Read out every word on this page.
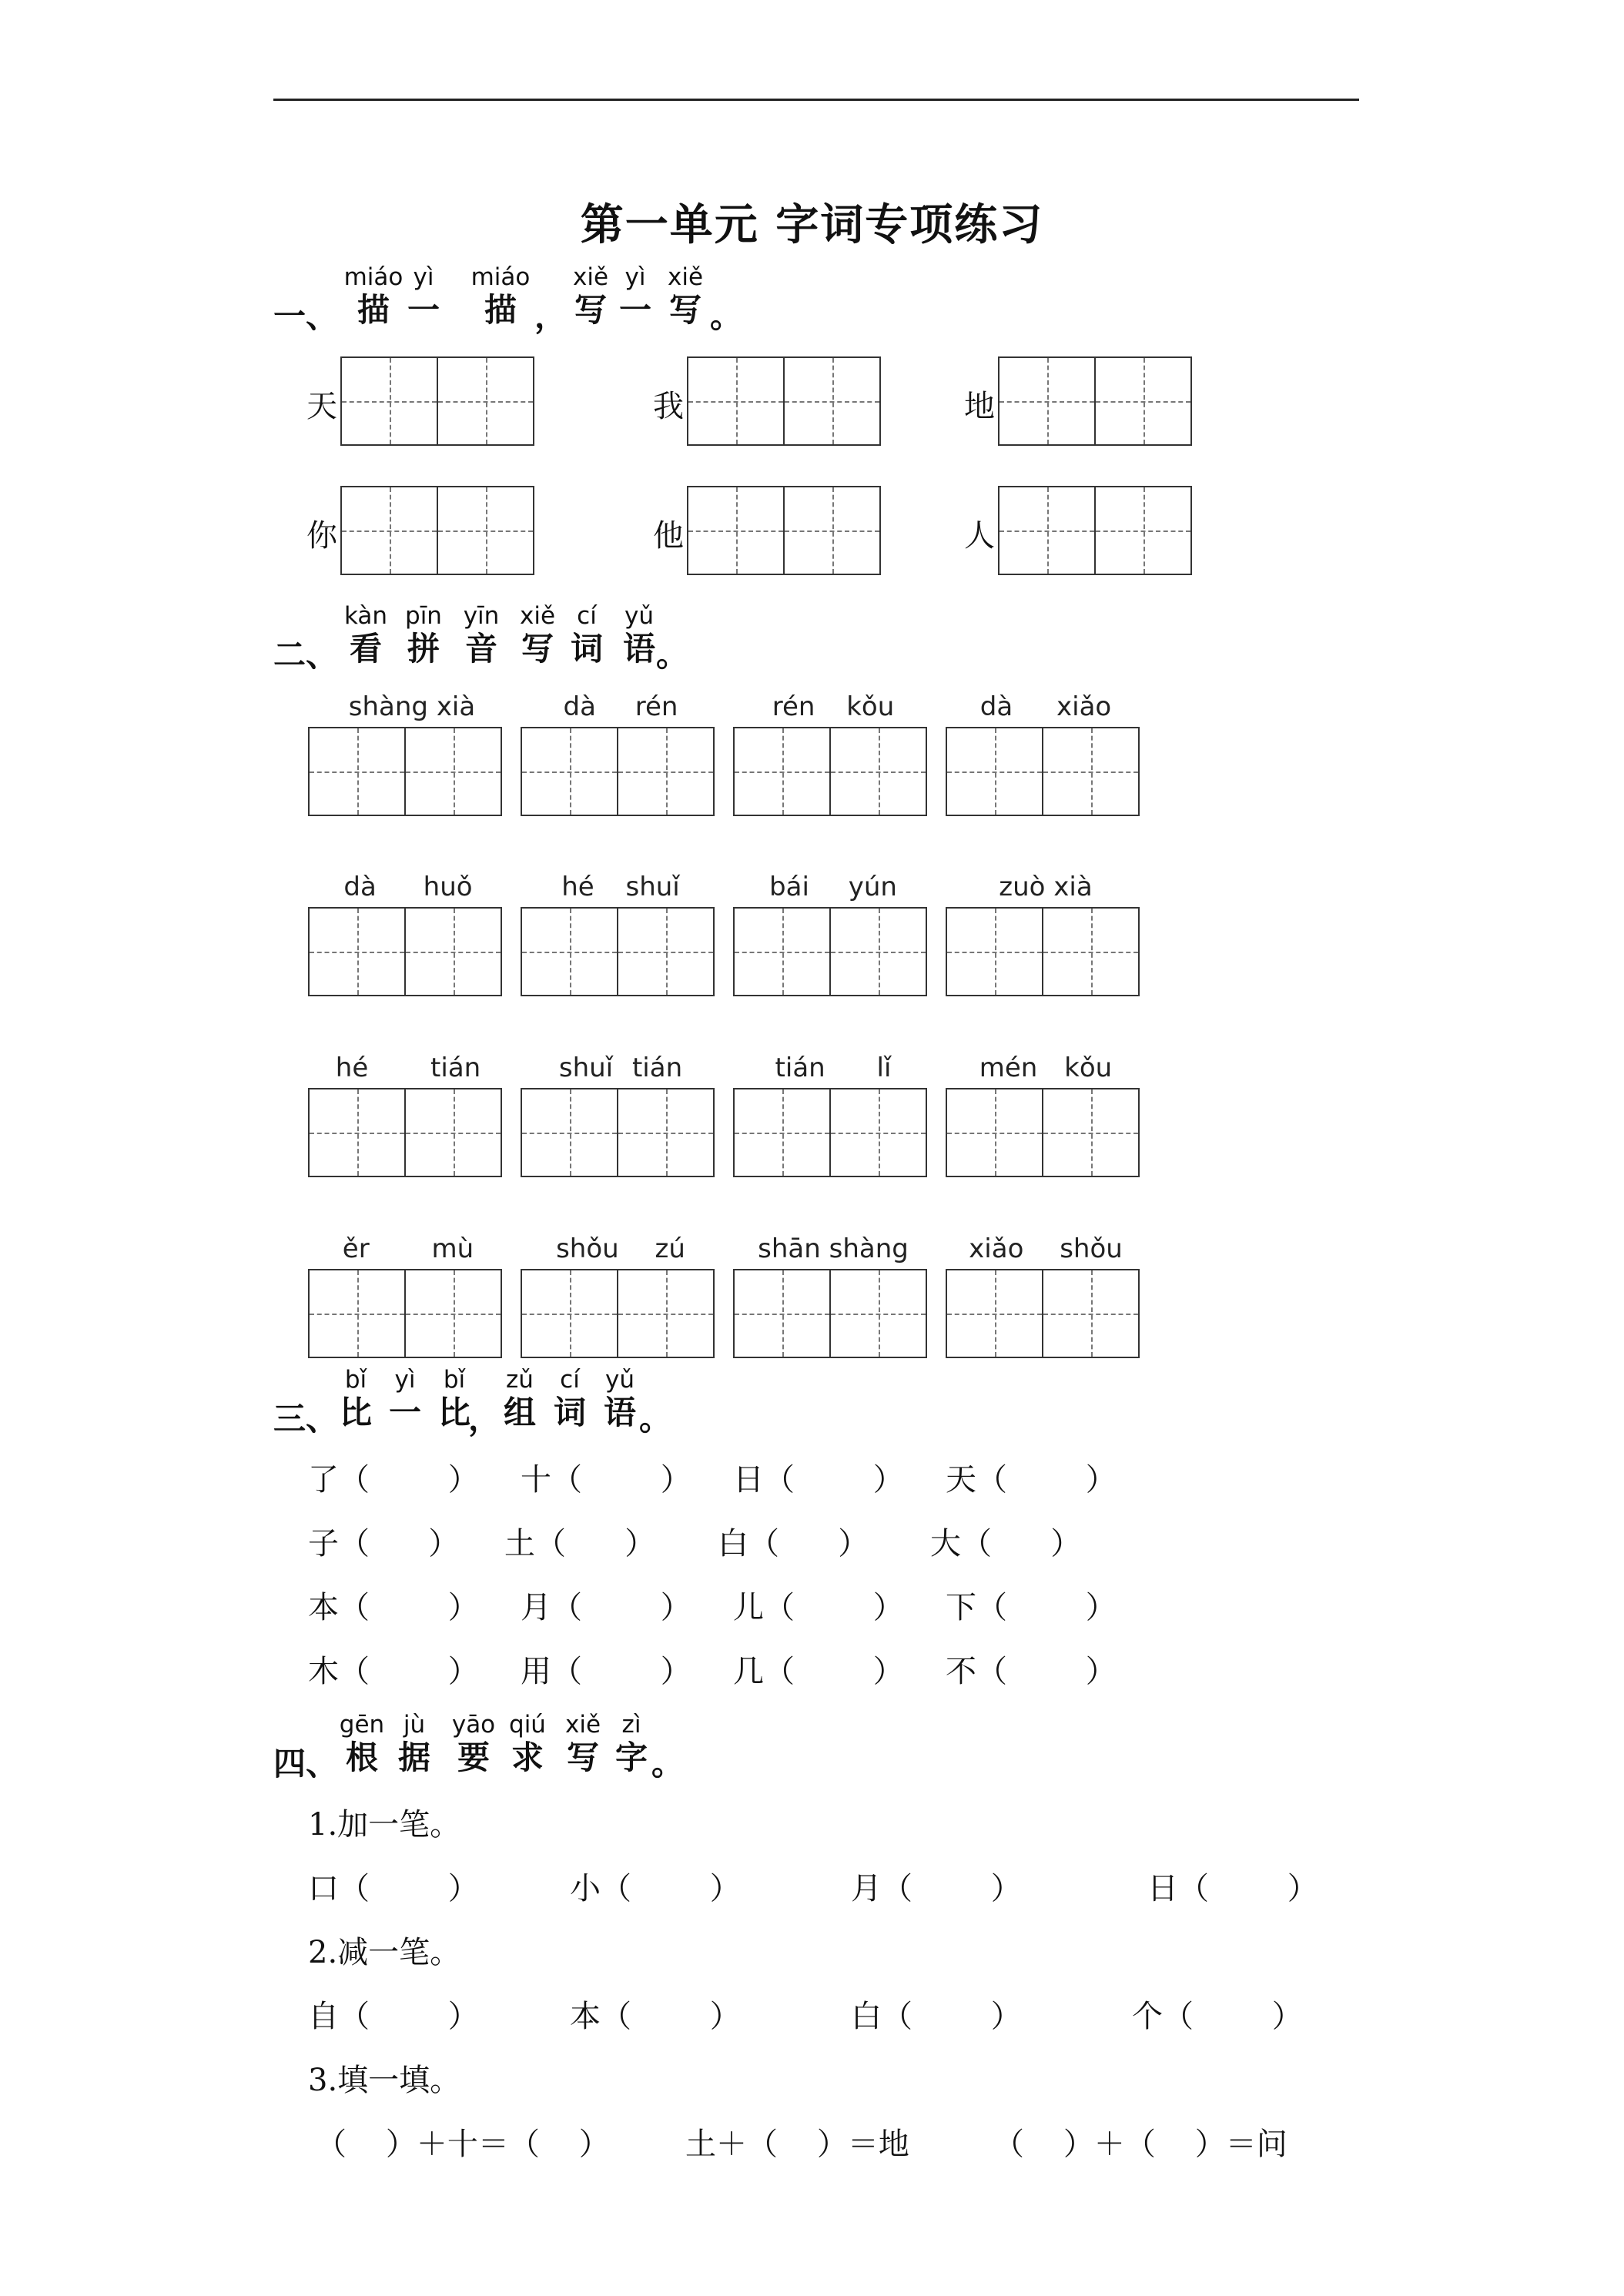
第一单元 字词专项练习
一、
miáo
描
yì
一
miáo
描 ，
xiě
写
yì
一
xiě
写 。
天	我	地
你	他	人
二、
kàn
看
pīn
拼
yīn
音
xiě
写
cí
词
yǔ
语 。
shàng xià	dà rén	rén kǒu	dà xiǎo
dà huǒ	hé shuǐ	bái yún	zuò xià
hé tián	shuǐ tián	tián lǐ	mén kǒu
ěr mù	shǒu zú	shān shàng	xiǎo shǒu
三、
bǐ
比
yì
一
bǐ
比
，
zǔ
组
cí
词
yǔ
语 。
了（        ） 十（        ） 日（        ） 天（        ）
子（      ） 土（      ） 白（      ） 大（      ）
本（        ） 月（        ） 儿（        ） 下（        ）
木（        ） 用（        ） 几（        ） 不（        ）
四、
gēn
根
jù
据
yāo
要
qiú
求
xiě
写
zì
字 。
1.加一笔。
口（        ）	小（        ）	月（        ）	日（        ）
2.减一笔。
自（        ）	本（        ）	白（        ）	个（        ）
3.填一填。
（    ）＋十＝（    ） 土＋（    ）＝地	（    ）＋（    ）＝问
